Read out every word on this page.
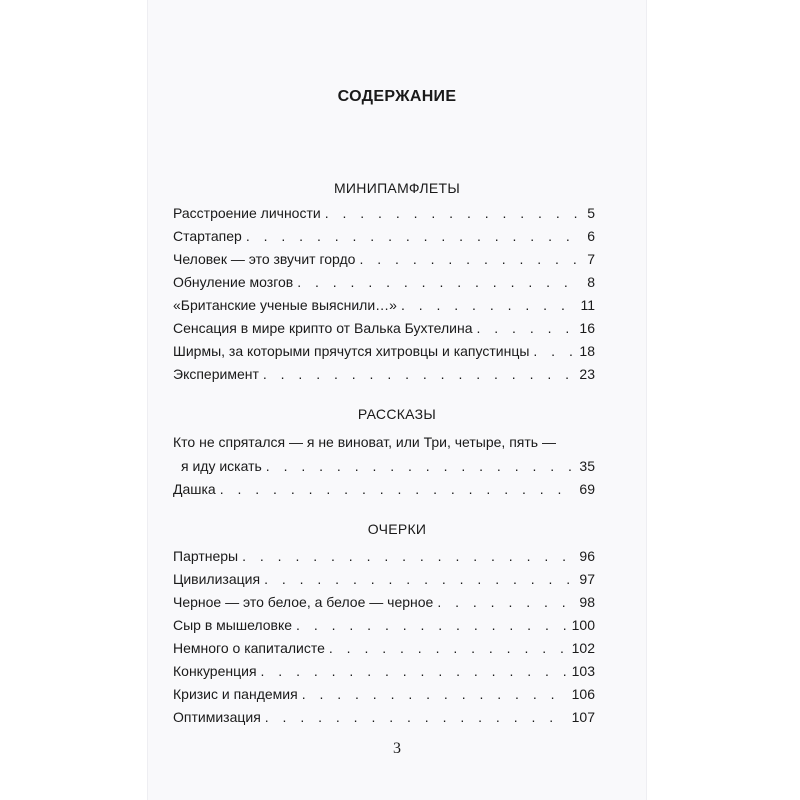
СОДЕРЖАНИЕ
МИНИПАМФЛЕТЫ
Расстроение личности . . .	5
Стартапер . . .	6
Человек — это звучит гордо . . .	7
Обнуление мозгов . . .	8
«Британские ученые выяснили…» . . .	11
Сенсация в мире крипто от Валька Бухтелина . . .	16
Ширмы, за которыми прячутся хитровцы и капустинцы . . .	18
Эксперимент . . .	23
РАССКАЗЫ
Кто не спрятался — я не виноват, или Три, четыре, пять —
я иду искать . . .	35
Дашка . . .	69
ОЧЕРКИ
Партнеры . . .	96
Цивилизация . . .	97
Черное — это белое, а белое — черное . . .	98
Сыр в мышеловке . . .	100
Немного о капиталисте . . .	102
Конкуренция . . .	103
Кризис и пандемия . . .	106
Оптимизация . . .	107
3
